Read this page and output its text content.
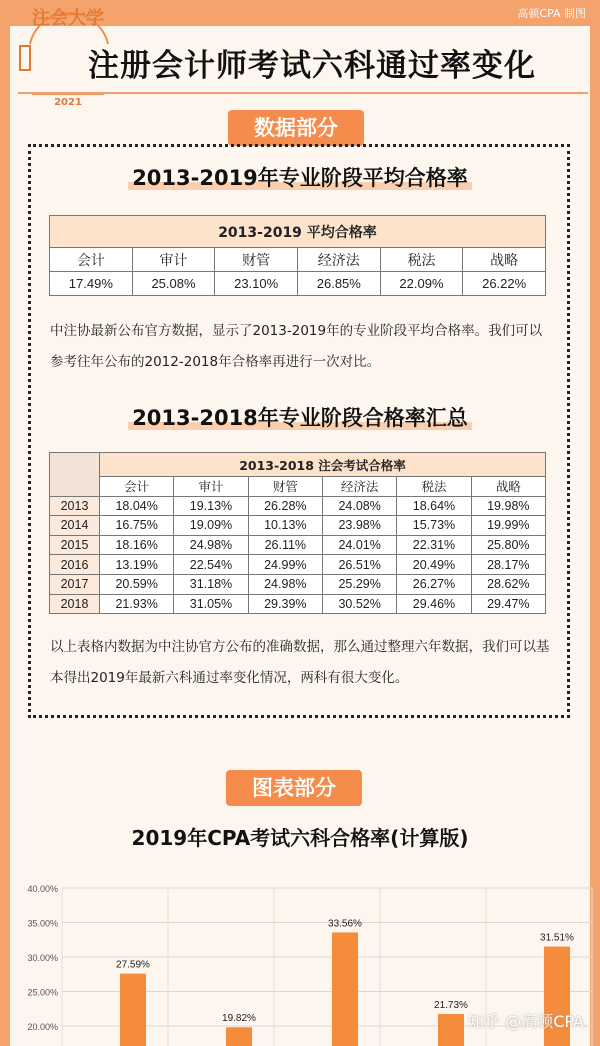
高顿CPA 制图
注会大学
2021
注册会计师考试六科通过率变化
数据部分
2013-2019年专业阶段平均合格率
2013-2019 平均合格率					
会计	审计	财管	经济法	税法	战略
17.49%	25.08%	23.10%	26.85%	22.09%	26.22%
中注协最新公布官方数据，显示了2013-2019年的专业阶段平均合格率。我们可以参考往年公布的2012-2018年合格率再进行一次对比。
2013-2018年专业阶段合格率汇总
	2013-2018 注会考试合格率					
	会计	审计	财管	经济法	税法	战略
2013	18.04%	19.13%	26.28%	24.08%	18.64%	19.98%
2014	16.75%	19.09%	10.13%	23.98%	15.73%	19.99%
2015	18.16%	24.98%	26.11%	24.01%	22.31%	25.80%
2016	13.19%	22.54%	24.99%	26.51%	20.49%	28.17%
2017	20.59%	31.18%	24.98%	25.29%	26.27%	28.62%
2018	21.93%	31.05%	29.39%	30.52%	29.46%	29.47%
以上表格内数据为中注协官方公布的准确数据，那么通过整理六年数据，我们可以基本得出2019年最新六科通过率变化情况，两科有很大变化。
图表部分
2019年CPA考试六科合格率(计算版)
40.00%
35.00%
30.00%
25.00%
20.00%
27.59%
19.82%
33.56%
21.73%
31.51%
知乎 @高顿CPA
